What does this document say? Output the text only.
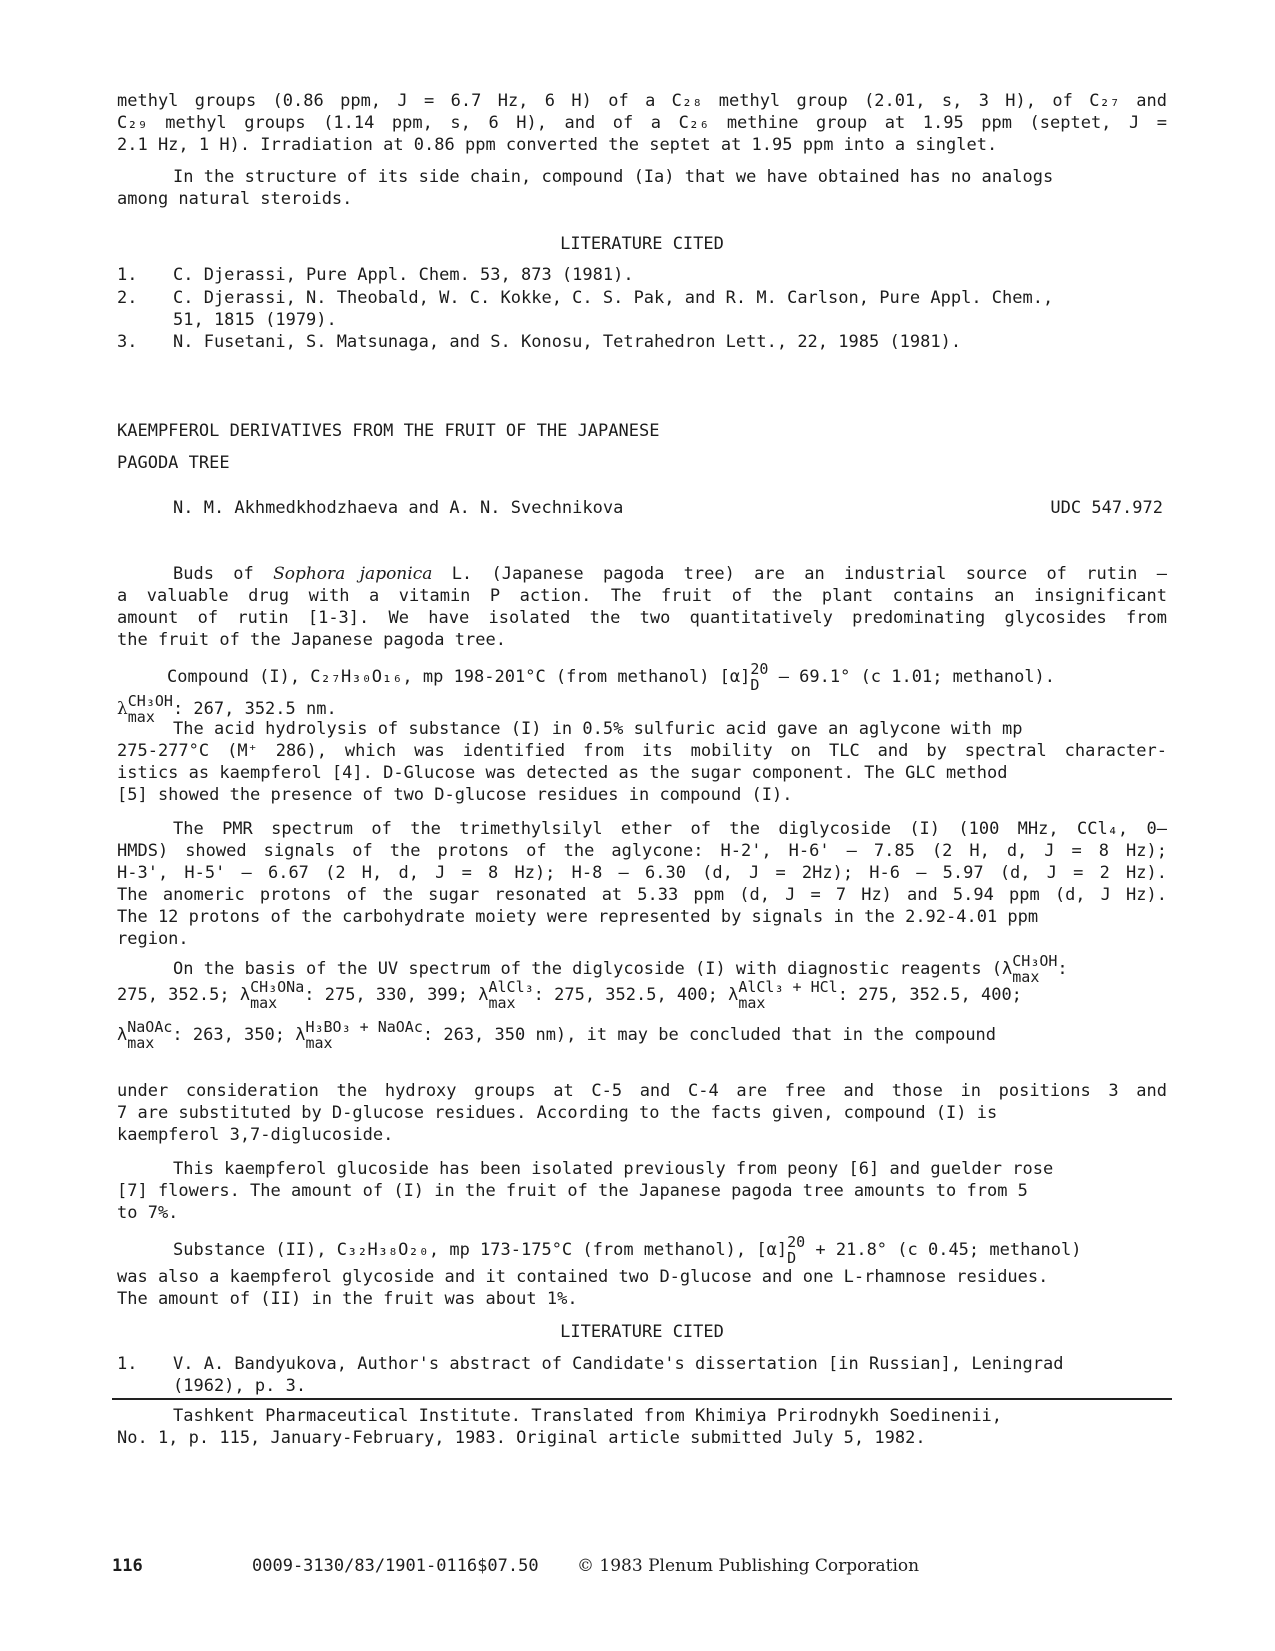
methyl groups (0.86 ppm, J = 6.7 Hz, 6 H) of a C₂₈ methyl group (2.01, s, 3 H), of C₂₇ and
C₂₉ methyl groups (1.14 ppm, s, 6 H), and of a C₂₆ methine group at 1.95 ppm (septet, J =
2.1 Hz, 1 H). Irradiation at 0.86 ppm converted the septet at 1.95 ppm into a singlet.
In the structure of its side chain, compound (Ia) that we have obtained has no analogs
among natural steroids.

LITERATURE CITED

1. C. Djerassi, Pure Appl. Chem. 53, 873 (1981).
2. C. Djerassi, N. Theobald, W. C. Kokke, C. S. Pak, and R. M. Carlson, Pure Appl. Chem.,
51, 1815 (1979).
3. N. Fusetani, S. Matsunaga, and S. Konosu, Tetrahedron Lett., 22, 1985 (1981).

KAEMPFEROL DERIVATIVES FROM THE FRUIT OF THE JAPANESE

PAGODA TREE

N. M. Akhmedkhodzhaeva and A. N. Svechnikova	UDC 547.972

Buds of Sophora japonica L. (Japanese pagoda tree) are an industrial source of rutin —
a valuable drug with a vitamin P action. The fruit of the plant contains an insignificant
amount of rutin [1-3]. We have isolated the two quantitatively predominating glycosides from
the fruit of the Japanese pagoda tree.
Compound (I), C₂₇H₃₀O₁₆, mp 198-201°C (from methanol) [α] 20
D — 69.1° (c 1.01; methanol).
λ CH₃OH
max	: 267, 352.5 nm.
The acid hydrolysis of substance (I) in 0.5% sulfuric acid gave an aglycone with mp
275-277°C (M⁺ 286), which was identified from its mobility on TLC and by spectral character-
istics as kaempferol [4]. D-Glucose was detected as the sugar component. The GLC method
[5] showed the presence of two D-glucose residues in compound (I).
The PMR spectrum of the trimethylsilyl ether of the diglycoside (I) (100 MHz, CCl₄, 0—
HMDS) showed signals of the protons of the aglycone: H-2', H-6' — 7.85 (2 H, d, J = 8 Hz);
H-3', H-5' — 6.67 (2 H, d, J = 8 Hz); H-8 — 6.30 (d, J = 2Hz); H-6 — 5.97 (d, J = 2 Hz).
The anomeric protons of the sugar resonated at 5.33 ppm (d, J = 7 Hz) and 5.94 ppm (d, J Hz).
The 12 protons of the carbohydrate moiety were represented by signals in the 2.92-4.01 ppm
region.
On the basis of the UV spectrum of the diglycoside (I) with diagnostic reagents (λ CH₃OH
max	:
275, 352.5; λ CH₃ONa
max	: 275, 330, 399; λ AlCl₃
max	: 275, 352.5, 400; λ AlCl₃ + HCl
max	: 275, 352.5, 400;
λ NaOAc
max	: 263, 350; λ H₃BO₃ + NaOAc
max	: 263, 350 nm), it may be concluded that in the compound
under consideration the hydroxy groups at C-5 and C-4 are free and those in positions 3 and
7 are substituted by D-glucose residues. According to the facts given, compound (I) is
kaempferol 3,7-diglucoside.
This kaempferol glucoside has been isolated previously from peony [6] and guelder rose
[7] flowers. The amount of (I) in the fruit of the Japanese pagoda tree amounts to from 5
to 7%.
Substance (II), C₃₂H₃₈O₂₀, mp 173-175°C (from methanol), [α] 20
D + 21.8° (c 0.45; methanol)
was also a kaempferol glycoside and it contained two D-glucose and one L-rhamnose residues.
The amount of (II) in the fruit was about 1%.

LITERATURE CITED

1. V. A. Bandyukova, Author's abstract of Candidate's dissertation [in Russian], Leningrad
(1962), p. 3.
Tashkent Pharmaceutical Institute. Translated from Khimiya Prirodnykh Soedinenii,
No. 1, p. 115, January-February, 1983. Original article submitted July 5, 1982.
116	0009-3130/83/1901-0116$07.50 © 1983 Plenum Publishing Corporation
